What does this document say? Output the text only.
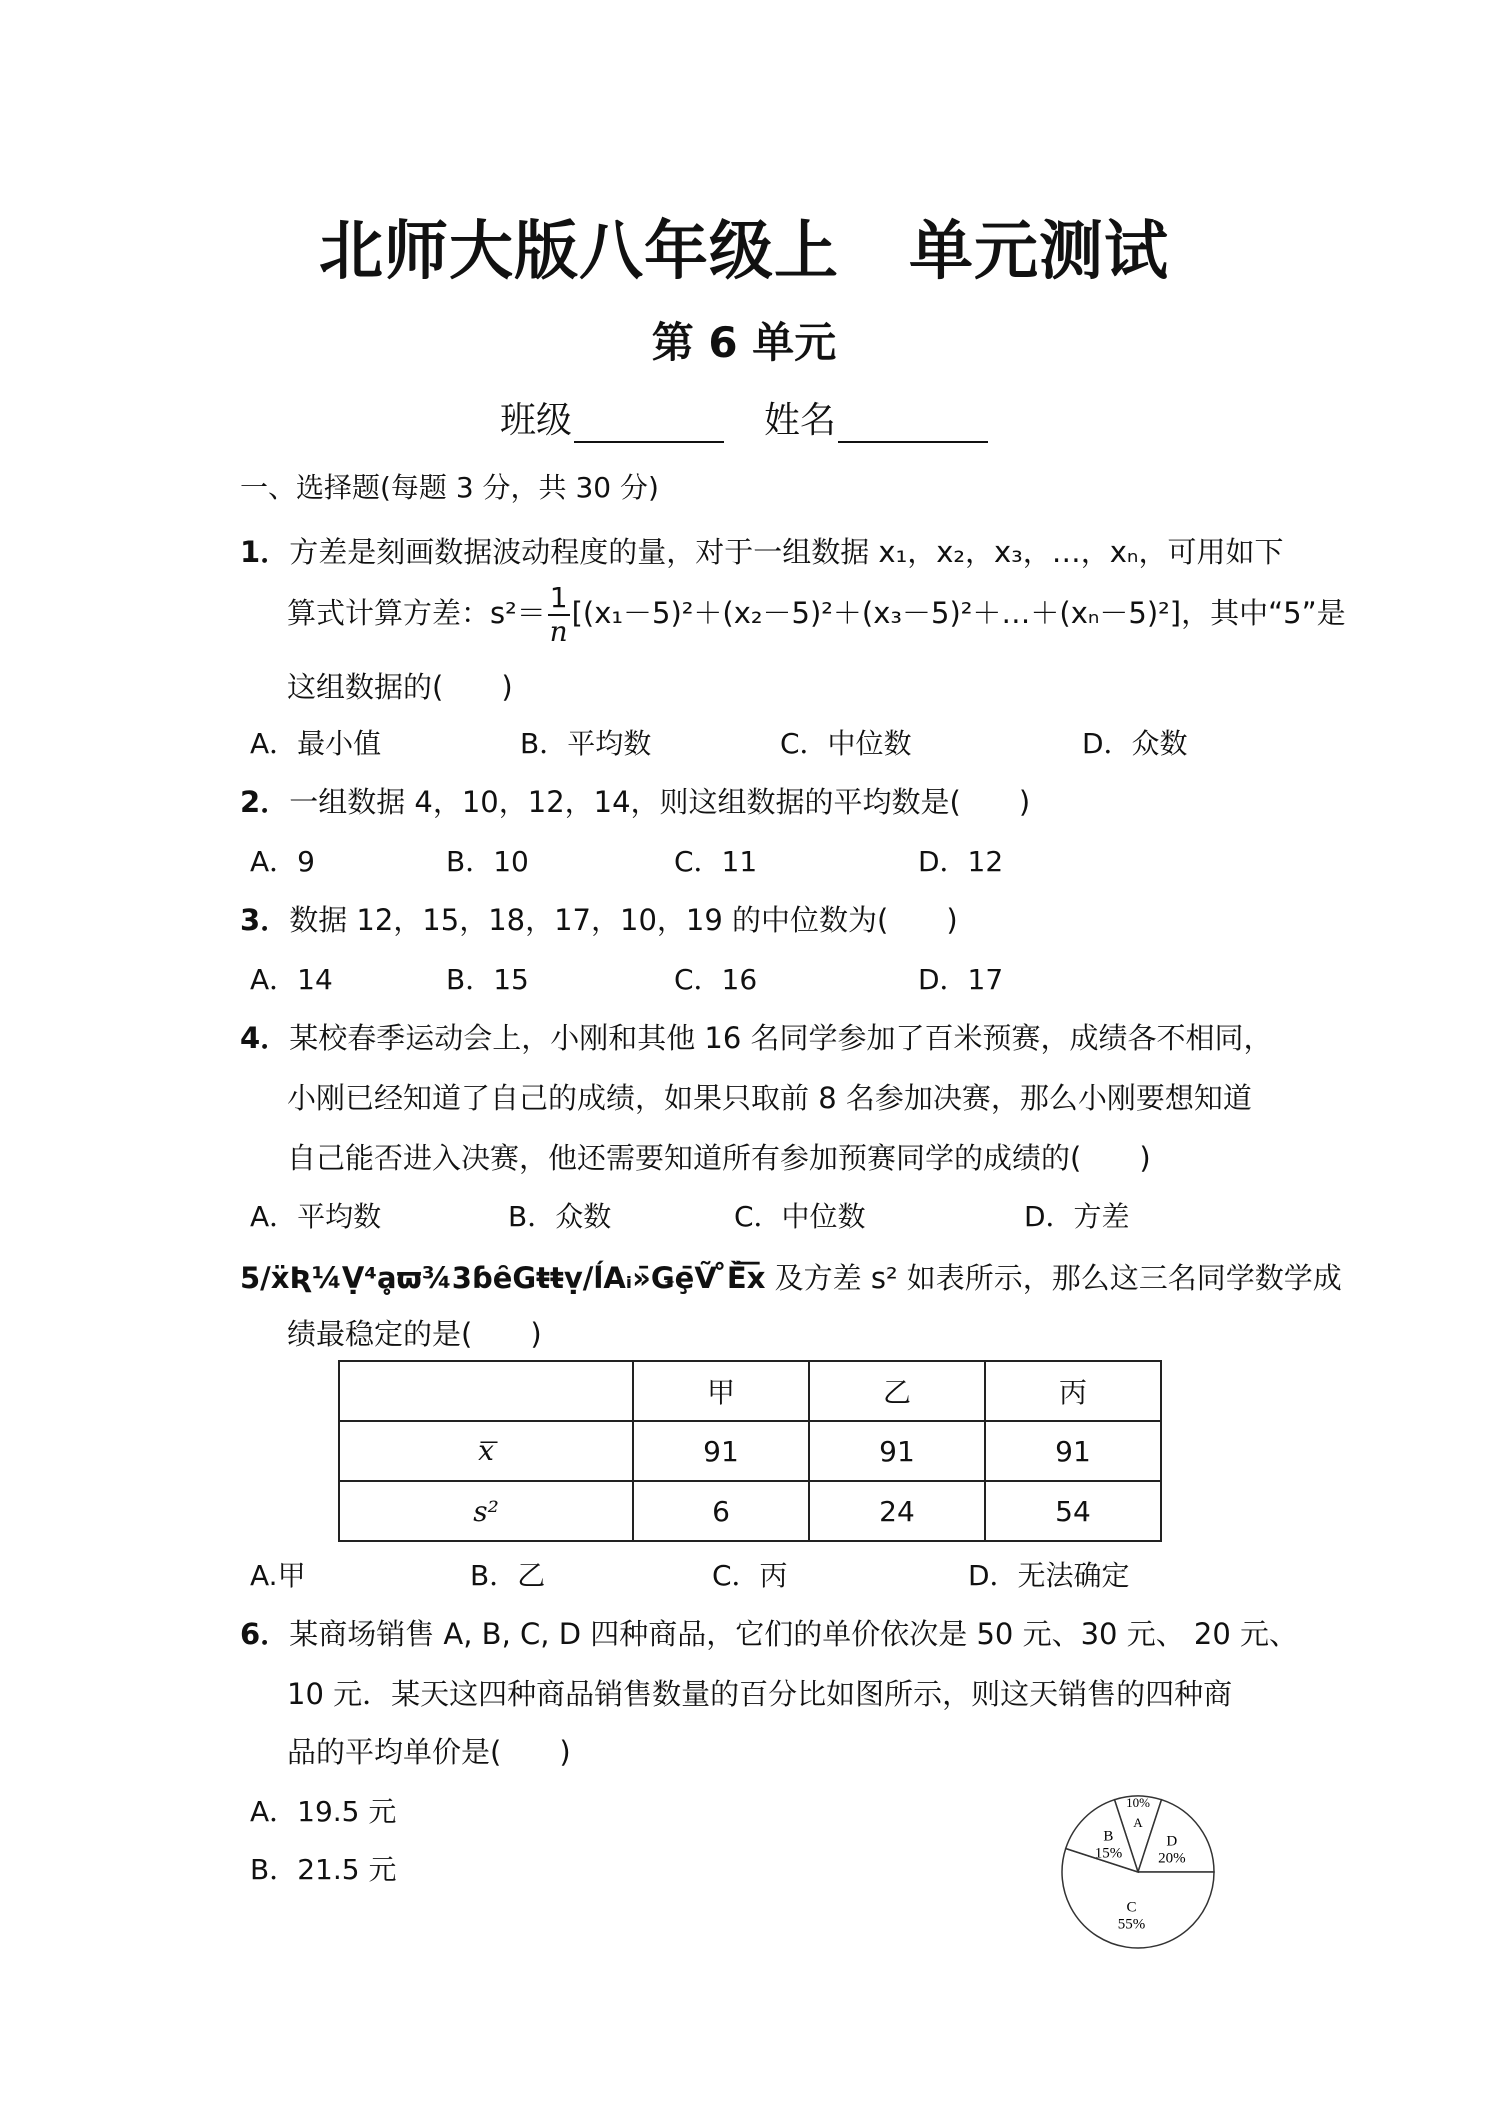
北师大版八年级上 单元测试
第 6 单元
班级	姓名
一、选择题(每题 3 分，共 30 分)
1．方差是刻画数据波动程度的量，对于一组数据 x₁，x₂，x₃，…，xₙ，可用如下
算式计算方差：$s^2= \frac{1}{n}$ [(x₁－5)²＋(x₂－5)²＋(x₃－5)²＋…＋(xₙ－5)²]，其中“5”是
这组数据的(　　)
A．最小值	B．平均数	C．中位数	D．众数
2．一组数据 4，10，12，14，则这组数据的平均数是(　　)
A．9	B．10	C．11	D．12
3．数据 12，15，18，17，10，19 的中位数为(　　)
A．14	B．15	C．16	D．17
4．某校春季运动会上，小刚和其他 16 名同学参加了百米预赛，成绩各不相同，
小刚已经知道了自己的成绩，如果只取前 8 名参加决赛，那么小刚要想知道
自己能否进入决赛，他还需要知道所有参加预赛同学的成绩的(　　)
A．平均数	B．众数	C．中位数	D．方差
5/ẍƦ¼Ṿ⁴ḁϖ¾3ɓȇGŧŧṿ/ĺAᵢ»̄Ǥȩ̄Ṽ ̊Ȅ͞x 及方差 s² 如表所示，那么这三名同学数学成
绩最稳定的是(　　)
	甲	乙	丙
͞x	91	91	91
s²	6	24	54
A.甲	B．乙	C．丙	D．无法确定
6．某商场销售 A, B, C, D 四种商品，它们的单价依次是 50 元、30 元、 20 元、
10 元．某天这四种商品销售数量的百分比如图所示，则这天销售的四种商
品的平均单价是(　　)
A．19.5 元
B．21.5 元
A
10%
D
20%
C
55%
B
15%
